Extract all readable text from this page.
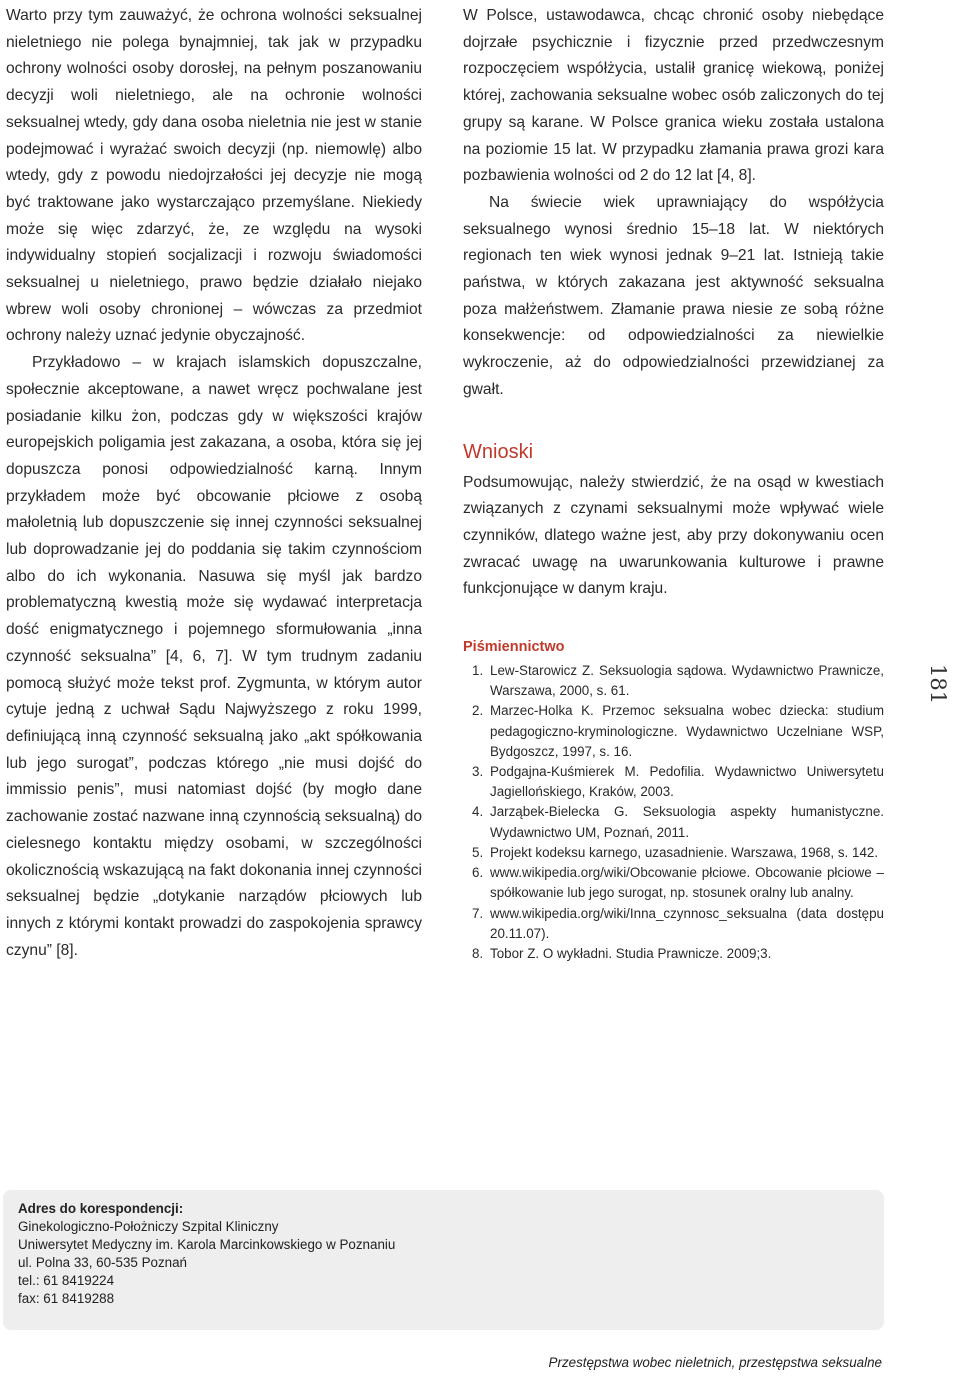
Warto przy tym zauważyć, że ochrona wolności seksualnej nieletniego nie polega bynajmniej, tak jak w przypadku ochrony wolności osoby dorosłej, na pełnym poszanowaniu decyzji woli nieletniego, ale na ochronie wolności seksualnej wtedy, gdy dana osoba nieletnia nie jest w stanie podejmować i wyrażać swoich decyzji (np. niemowlę) albo wtedy, gdy z powodu niedojrzałości jej decyzje nie mogą być traktowane jako wystarczająco przemyślane. Niekiedy może się więc zdarzyć, że, ze względu na wysoki indywidualny stopień socjalizacji i rozwoju świadomości seksualnej u nieletniego, prawo będzie działało niejako wbrew woli osoby chronionej – wówczas za przedmiot ochrony należy uznać jedynie obyczajność.

Przykładowo – w krajach islamskich dopuszczalne, społecznie akceptowane, a nawet wręcz pochwalane jest posiadanie kilku żon, podczas gdy w większości krajów europejskich poligamia jest zakazana, a osoba, która się jej dopuszcza ponosi odpowiedzialność karną. Innym przykładem może być obcowanie płciowe z osobą małoletnią lub dopuszczenie się innej czynności seksualnej lub doprowadzanie jej do poddania się takim czynnościom albo do ich wykonania. Nasuwa się myśl jak bardzo problematyczną kwestią może się wydawać interpretacja dość enigmatycznego i pojemnego sformułowania „inna czynność seksualna” [4, 6, 7]. W tym trudnym zadaniu pomocą służyć może tekst prof. Zygmunta, w którym autor cytuje jedną z uchwał Sądu Najwyższego z roku 1999, definiującą inną czynność seksualną jako „akt spółkowania lub jego surogat”, podczas którego „nie musi dojść do immissio penis”, musi natomiast dojść (by mogło dane zachowanie zostać nazwane inną czynnością seksualną) do cielesnego kontaktu między osobami, w szczególności okolicznością wskazującą na fakt dokonania innej czynności seksualnej będzie „dotykanie narządów płciowych lub innych z którymi kontakt prowadzi do zaspokojenia sprawcy czynu” [8].

W Polsce, ustawodawca, chcąc chronić osoby niebędące dojrzałe psychicznie i fizycznie przed przedwczesnym rozpoczęciem współżycia, ustalił granicę wiekową, poniżej której, zachowania seksualne wobec osób zaliczonych do tej grupy są karane. W Polsce granica wieku została ustalona na poziomie 15 lat. W przypadku złamania prawa grozi kara pozbawienia wolności od 2 do 12 lat [4, 8].

Na świecie wiek uprawniający do współżycia seksualnego wynosi średnio 15–18 lat. W niektórych regionach ten wiek wynosi jednak 9–21 lat. Istnieją takie państwa, w których zakazana jest aktywność seksualna poza małżeństwem. Złamanie prawa niesie ze sobą różne konsekwencje: od odpowiedzialności za niewielkie wykroczenie, aż do odpowiedzialności przewidzianej za gwałt.

Wnioski

Podsumowując, należy stwierdzić, że na osąd w kwestiach związanych z czynami seksualnymi może wpływać wiele czynników, dlatego ważne jest, aby przy dokonywaniu ocen zwracać uwagę na uwarunkowania kulturowe i prawne funkcjonujące w danym kraju.

Piśmiennictwo
1. Lew-Starowicz Z. Seksuologia sądowa. Wydawnictwo Prawnicze, Warszawa, 2000, s. 61.
2. Marzec-Holka K. Przemoc seksualna wobec dziecka: studium pedagogiczno-kryminologiczne. Wydawnictwo Uczelniane WSP, Bydgoszcz, 1997, s. 16.
3. Podgajna-Kuśmierek M. Pedofilia. Wydawnictwo Uniwersytetu Jagiellońskiego, Kraków, 2003.
4. Jarząbek-Bielecka G. Seksuologia aspekty humanistyczne. Wydawnictwo UM, Poznań, 2011.
5. Projekt kodeksu karnego, uzasadnienie. Warszawa, 1968, s. 142.
6. www.wikipedia.org/wiki/Obcowanie płciowe. Obcowanie płciowe – spółkowanie lub jego surogat, np. stosunek oralny lub analny.
7. www.wikipedia.org/wiki/Inna_czynnosc_seksualna (data dostępu 20.11.07).
8. Tobor Z. O wykładni. Studia Prawnicze. 2009;3.
181
Adres do korespondencji:
Ginekologiczno-Położniczy Szpital Kliniczny
Uniwersytet Medyczny im. Karola Marcinkowskiego w Poznaniu
ul. Polna 33, 60-535 Poznań
tel.: 61 8419224
fax: 61 8419288
Przestępstwa wobec nieletnich, przestępstwa seksualne
